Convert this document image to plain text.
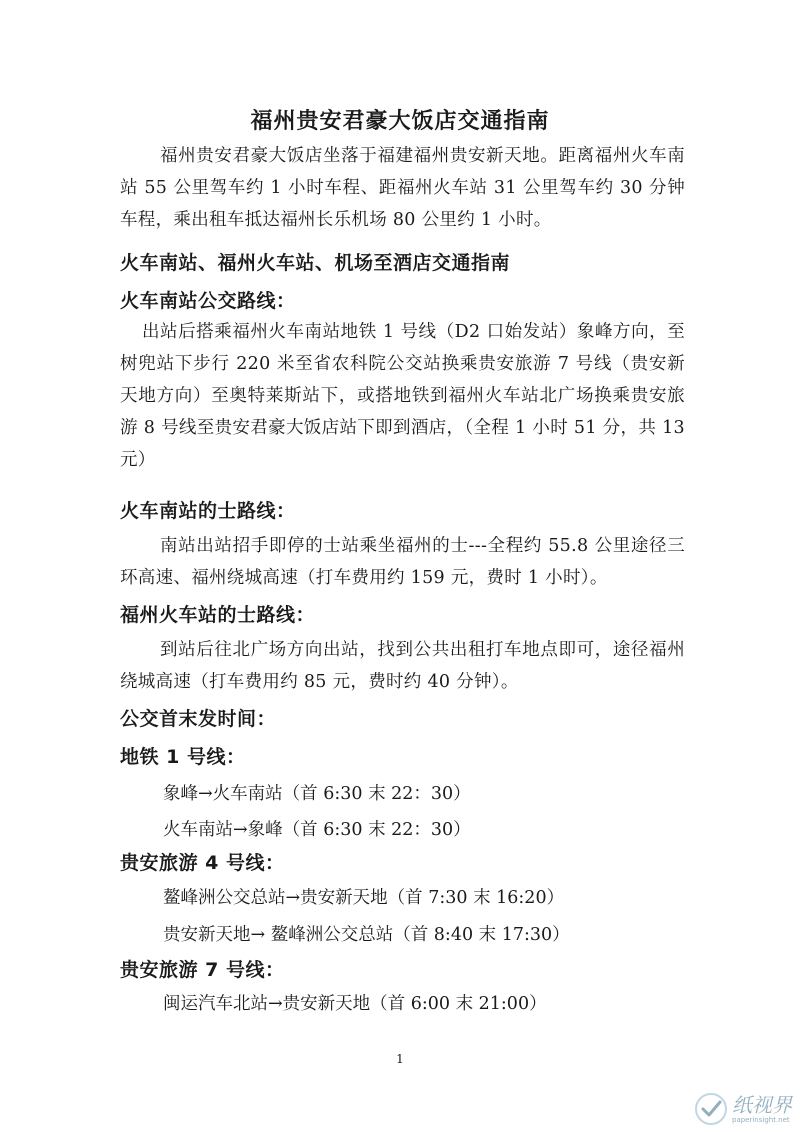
福州贵安君豪大饭店交通指南
福州贵安君豪大饭店坐落于福建福州贵安新天地。距离福州火车南站 55 公里驾车约 1 小时车程、距福州火车站 31 公里驾车约 30 分钟车程，乘出租车抵达福州长乐机场 80 公里约 1 小时。
火车南站、福州火车站、机场至酒店交通指南
火车南站公交路线：
出站后搭乘福州火车南站地铁 1 号线（D2 口始发站）象峰方向，至树兜站下步行 220 米至省农科院公交站换乘贵安旅游 7 号线（贵安新天地方向）至奥特莱斯站下，或搭地铁到福州火车站北广场换乘贵安旅游 8 号线至贵安君豪大饭店站下即到酒店，（全程 1 小时 51 分，共 13 元）
火车南站的士路线：
南站出站招手即停的士站乘坐福州的士---全程约 55.8 公里途径三环高速、福州绕城高速（打车费用约 159 元，费时 1 小时）。
福州火车站的士路线：
到站后往北广场方向出站，找到公共出租打车地点即可，途径福州绕城高速（打车费用约 85 元，费时约 40 分钟）。
公交首末发时间：
地铁 1 号线：
象峰→火车南站（首 6:30 末 22：30）
火车南站→象峰（首 6:30 末 22：30）
贵安旅游 4 号线：
鳌峰洲公交总站→贵安新天地（首 7:30 末 16:20）
贵安新天地→ 鳌峰洲公交总站（首 8:40 末 17:30）
贵安旅游 7 号线：
闽运汽车北站→贵安新天地（首 6:00 末 21:00）
1
纸视界
paperinsight.net
